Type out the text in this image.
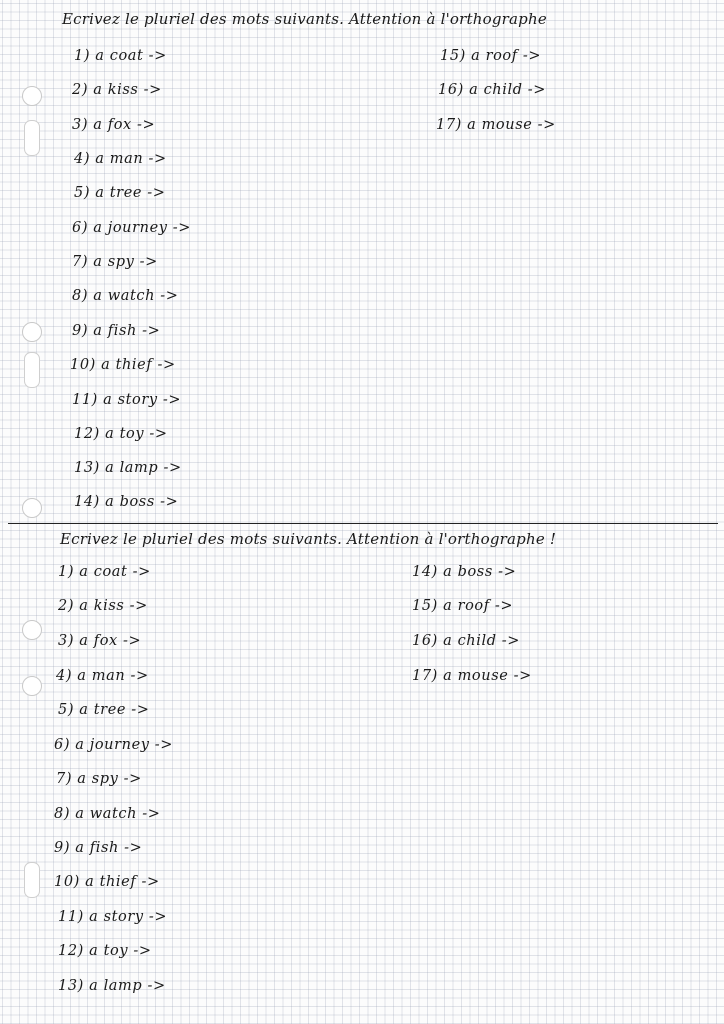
Ecrivez le pluriel des mots suivants. Attention à l'orthographe
1) a coat ->
2) a kiss ->
3) a fox ->
4) a man ->
5) a tree ->
6) a journey ->
7) a spy ->
8) a watch ->
9) a fish ->
10) a thief ->
11) a story ->
12) a toy ->
13) a lamp ->
14) a boss ->
15) a roof ->
16) a child ->
17) a mouse ->
Ecrivez le pluriel des mots suivants. Attention à l'orthographe !
1) a coat ->
2) a kiss ->
3) a fox ->
4) a man ->
5) a tree ->
6) a journey ->
7) a spy ->
8) a watch ->
9) a fish ->
10) a thief ->
11) a story ->
12) a toy ->
13) a lamp ->
14) a boss ->
15) a roof ->
16) a child ->
17) a mouse ->
